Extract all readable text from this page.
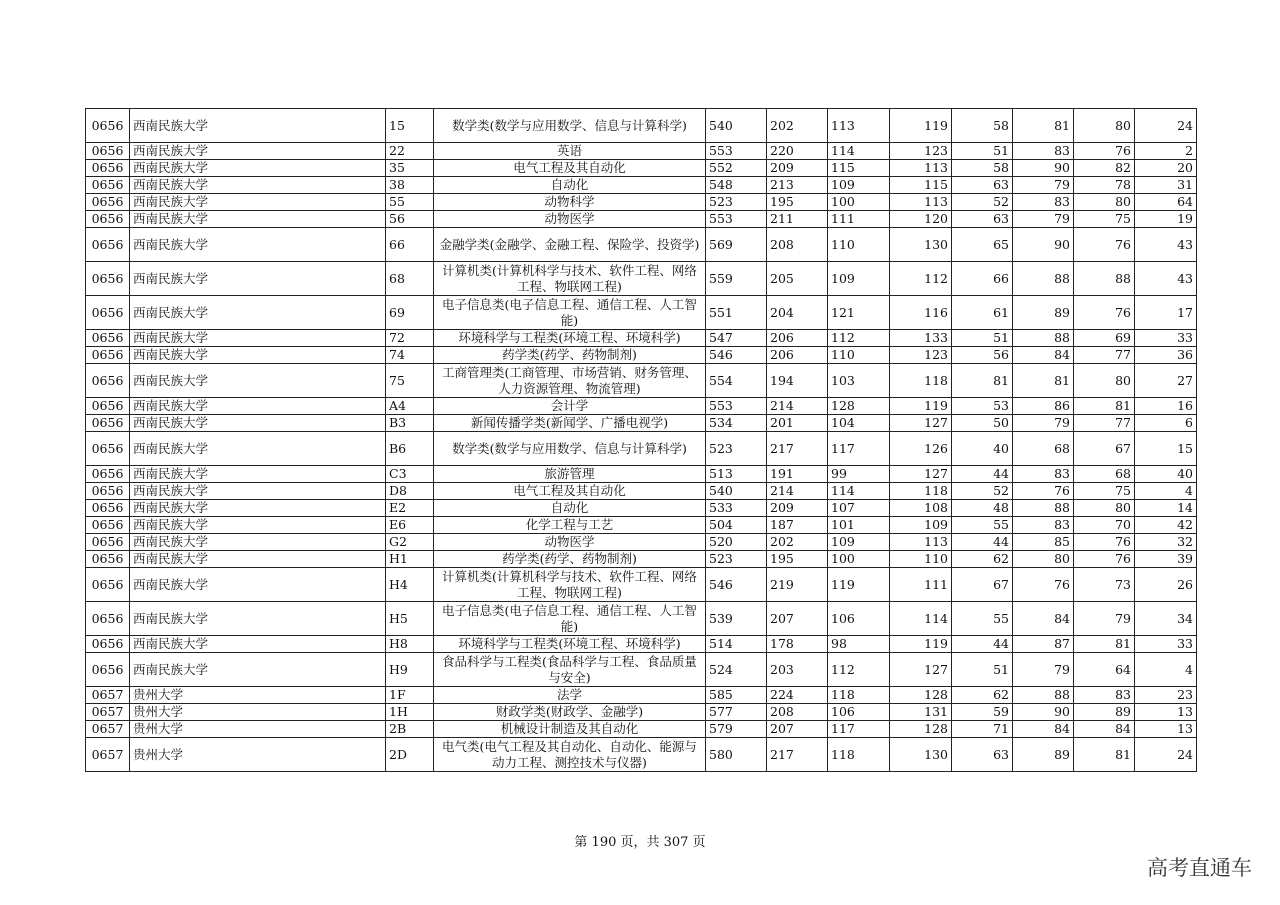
0656	西南民族大学	15	数学类(数学与应用数学、信息与计算科学)	540	202	113	119	58	81	80	24
0656	西南民族大学	22	英语	553	220	114	123	51	83	76	2
0656	西南民族大学	35	电气工程及其自动化	552	209	115	113	58	90	82	20
0656	西南民族大学	38	自动化	548	213	109	115	63	79	78	31
0656	西南民族大学	55	动物科学	523	195	100	113	52	83	80	64
0656	西南民族大学	56	动物医学	553	211	111	120	63	79	75	19
0656	西南民族大学	66	金融学类(金融学、金融工程、保险学、投资学)	569	208	110	130	65	90	76	43
0656	西南民族大学	68	计算机类(计算机科学与技术、软件工程、网络工程、物联网工程)	559	205	109	112	66	88	88	43
0656	西南民族大学	69	电子信息类(电子信息工程、通信工程、人工智能)	551	204	121	116	61	89	76	17
0656	西南民族大学	72	环境科学与工程类(环境工程、环境科学)	547	206	112	133	51	88	69	33
0656	西南民族大学	74	药学类(药学、药物制剂)	546	206	110	123	56	84	77	36
0656	西南民族大学	75	工商管理类(工商管理、市场营销、财务管理、人力资源管理、物流管理)	554	194	103	118	81	81	80	27
0656	西南民族大学	A4	会计学	553	214	128	119	53	86	81	16
0656	西南民族大学	B3	新闻传播学类(新闻学、广播电视学)	534	201	104	127	50	79	77	6
0656	西南民族大学	B6	数学类(数学与应用数学、信息与计算科学)	523	217	117	126	40	68	67	15
0656	西南民族大学	C3	旅游管理	513	191	99	127	44	83	68	40
0656	西南民族大学	D8	电气工程及其自动化	540	214	114	118	52	76	75	4
0656	西南民族大学	E2	自动化	533	209	107	108	48	88	80	14
0656	西南民族大学	E6	化学工程与工艺	504	187	101	109	55	83	70	42
0656	西南民族大学	G2	动物医学	520	202	109	113	44	85	76	32
0656	西南民族大学	H1	药学类(药学、药物制剂)	523	195	100	110	62	80	76	39
0656	西南民族大学	H4	计算机类(计算机科学与技术、软件工程、网络工程、物联网工程)	546	219	119	111	67	76	73	26
0656	西南民族大学	H5	电子信息类(电子信息工程、通信工程、人工智能)	539	207	106	114	55	84	79	34
0656	西南民族大学	H8	环境科学与工程类(环境工程、环境科学)	514	178	98	119	44	87	81	33
0656	西南民族大学	H9	食品科学与工程类(食品科学与工程、食品质量与安全)	524	203	112	127	51	79	64	4
0657	贵州大学	1F	法学	585	224	118	128	62	88	83	23
0657	贵州大学	1H	财政学类(财政学、金融学)	577	208	106	131	59	90	89	13
0657	贵州大学	2B	机械设计制造及其自动化	579	207	117	128	71	84	84	13
0657	贵州大学	2D	电气类(电气工程及其自动化、自动化、能源与动力工程、测控技术与仪器)	580	217	118	130	63	89	81	24
第 190 页，共 307 页
高考直通车
